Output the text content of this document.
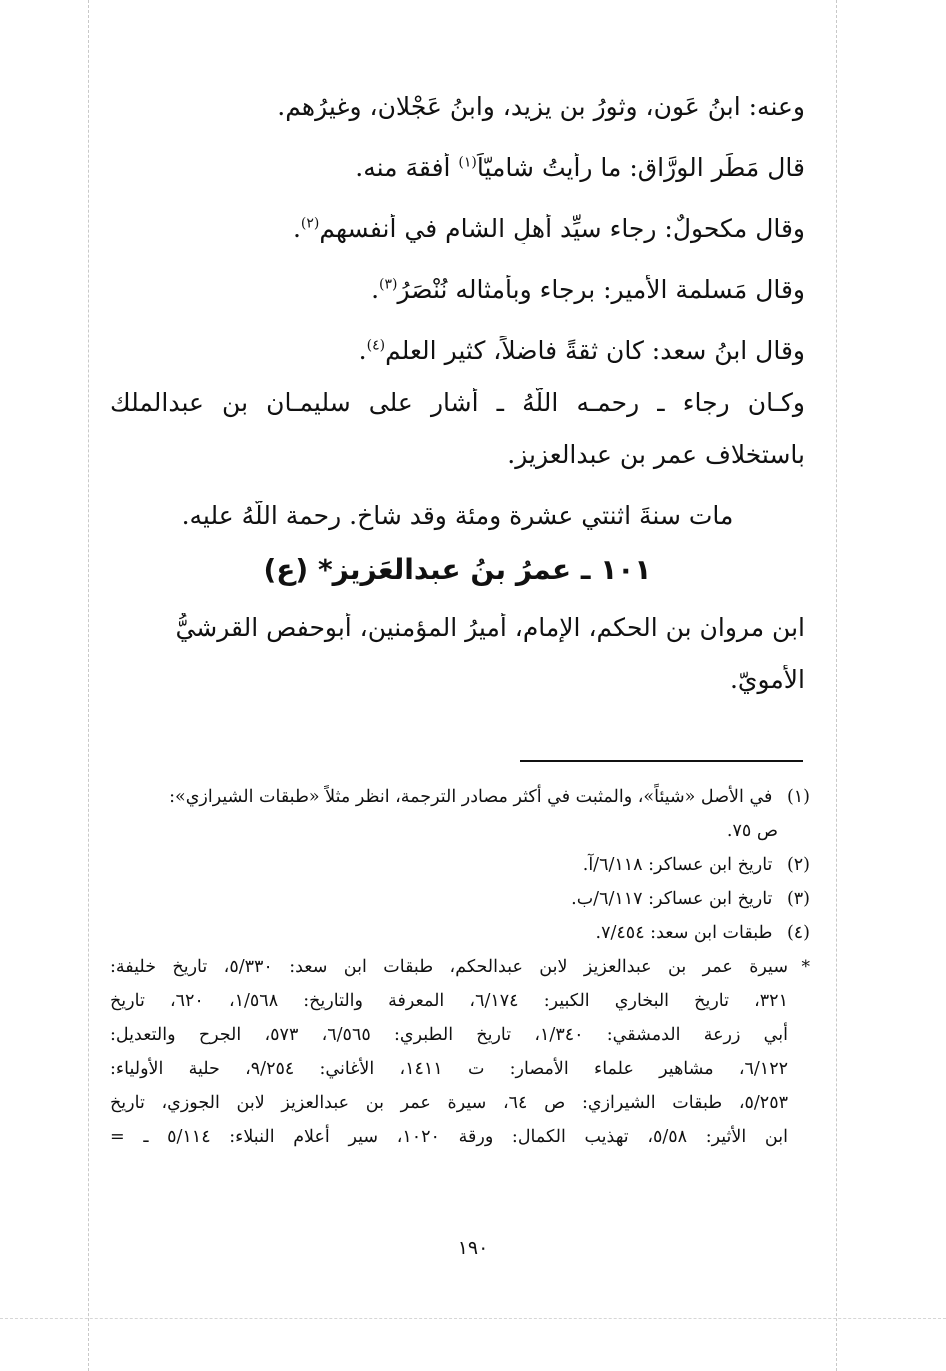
وعنه: ابنُ عَون، وثورُ بن يزيد، وابنُ عَجْلان، وغيرُهم.
قال مَطَر الورَّاق: ما رأيتُ شاميّاً$^{(١)}$ أفقهَ منه.
وقال مكحولٌ: رجاء سيِّد أهلِ الشام في أنفسهم$^{(٢)}$.
وقال مَسلمة الأمير: برجاء وبأمثاله نُنْصَرُ$^{(٣)}$.
وقال ابنُ سعد: كان ثقةً فاضلاً، كثير العلم$^{(٤)}$.
وكـان رجاء ـ رحمـه اللَّهُ ـ أشار على سليمـان بن عبدالملك
باستخلاف عمر بن عبدالعزيز.
مات سنةَ اثنتي عشرة ومئة وقد شاخ. رحمة اللَّهُ عليه.
١٠١ ـ عمرُ بنُ عبدالعَزيز* (ع)
ابن مروان بن الحكم، الإمام، أميرُ المؤمنين، أبوحفص القرشيُّ
الأمويّ.
(١) في الأصل «شيئاً»، والمثبت في أكثر مصادر الترجمة، انظر مثلاً «طبقات الشيرازي»:
ص ٧٥.
(٢) تاريخ ابن عساكر: ٦/١١٨/آ.
(٣) تاريخ ابن عساكر: ٦/١١٧/ب.
(٤) طبقات ابن سعد: ٧/٤٥٤.
*
سيرة عمر بن عبدالعزيز لابن عبدالحكم، طبقات ابن سعد: ٥/٣٣٠، تاريخ خليفة:
٣٢١، تاريخ البخاري الكبير: ٦/١٧٤، المعرفة والتاريخ: ١/٥٦٨، ٦٢٠، تاريخ
أبي زرعة الدمشقي: ١/٣٤٠، تاريخ الطبري: ٦/٥٦٥، ٥٧٣، الجرح والتعديل:
٦/١٢٢، مشاهير علماء الأمصار: ت ١٤١١، الأغاني: ٩/٢٥٤، حلية الأولياء:
٥/٢٥٣، طبقات الشيرازي: ص ٦٤، سيرة عمر بن عبدالعزيز لابن الجوزي، تاريخ
ابن الأثير: ٥/٥٨، تهذيب الكمال: ورقة ١٠٢٠، سير أعلام النبلاء: ٥/١١٤ ـ =
١٩٠
